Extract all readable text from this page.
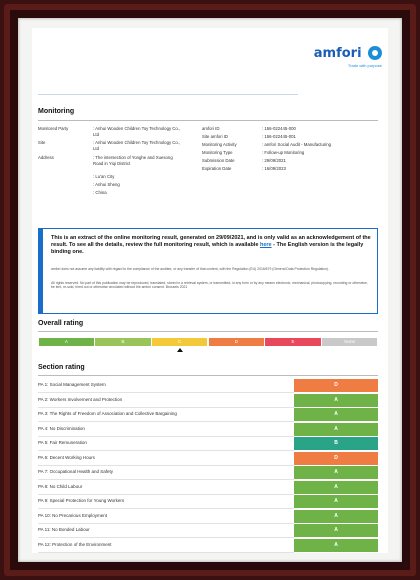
amfori
Trade with purpose
Monitoring
Monitored Party	: Anhui Wooden Children Toy Technology Co., Ltd
Site	: Anhui Wooden Children Toy Technology Co., Ltd
Address	: The intersection of Yonghe and Xuesong Road in Yiqi District
: Lu'an City
: Anhui Sheng
: China
amfori ID	: 156-022445-000
Site amfori ID	: 156-022445-001
Monitoring Activity	: amfori Social Audit - Manufacturing
Monitoring Type	: Follow-up Monitoring
Submission Date	: 29/09/2021
Expiration Date	: 16/09/2023
This is an extract of the online monitoring result, generated on 29/09/2021, and is only valid as an acknowledgement of the result. To see all the details, review the full monitoring result, which is available here - The English version is the legally binding one.
amfori does not assume any liability with regard to the compliance of the auditee, or any transfer of that content, with the Regulation (EU) 2016/679 (General Data Protection Regulation).
All rights reserved. No part of this publication may be reproduced, translated, stored in a retrieval system, or transmitted, in any form or by any means electronic, mechanical, photocopying, recording or otherwise, be lent, re-sold, hired out or otherwise circulated without the amfori consent. Brussels 2021
Overall rating
A	B	C	D	E	None
Section rating
PA 1: Social Management System	D
PA 2: Workers Involvement and Protection	A
PA 3: The Rights of Freedom of Association and Collective Bargaining	A
PA 4: No Discrimination	A
PA 5: Fair Remuneration	B
PA 6: Decent Working Hours	D
PA 7: Occupational Health and Safety	A
PA 8: No Child Labour	A
PA 9: Special Protection for Young Workers	A
PA 10: No Precarious Employment	A
PA 11: No Bonded Labour	A
PA 12: Protection of the Environment	A
